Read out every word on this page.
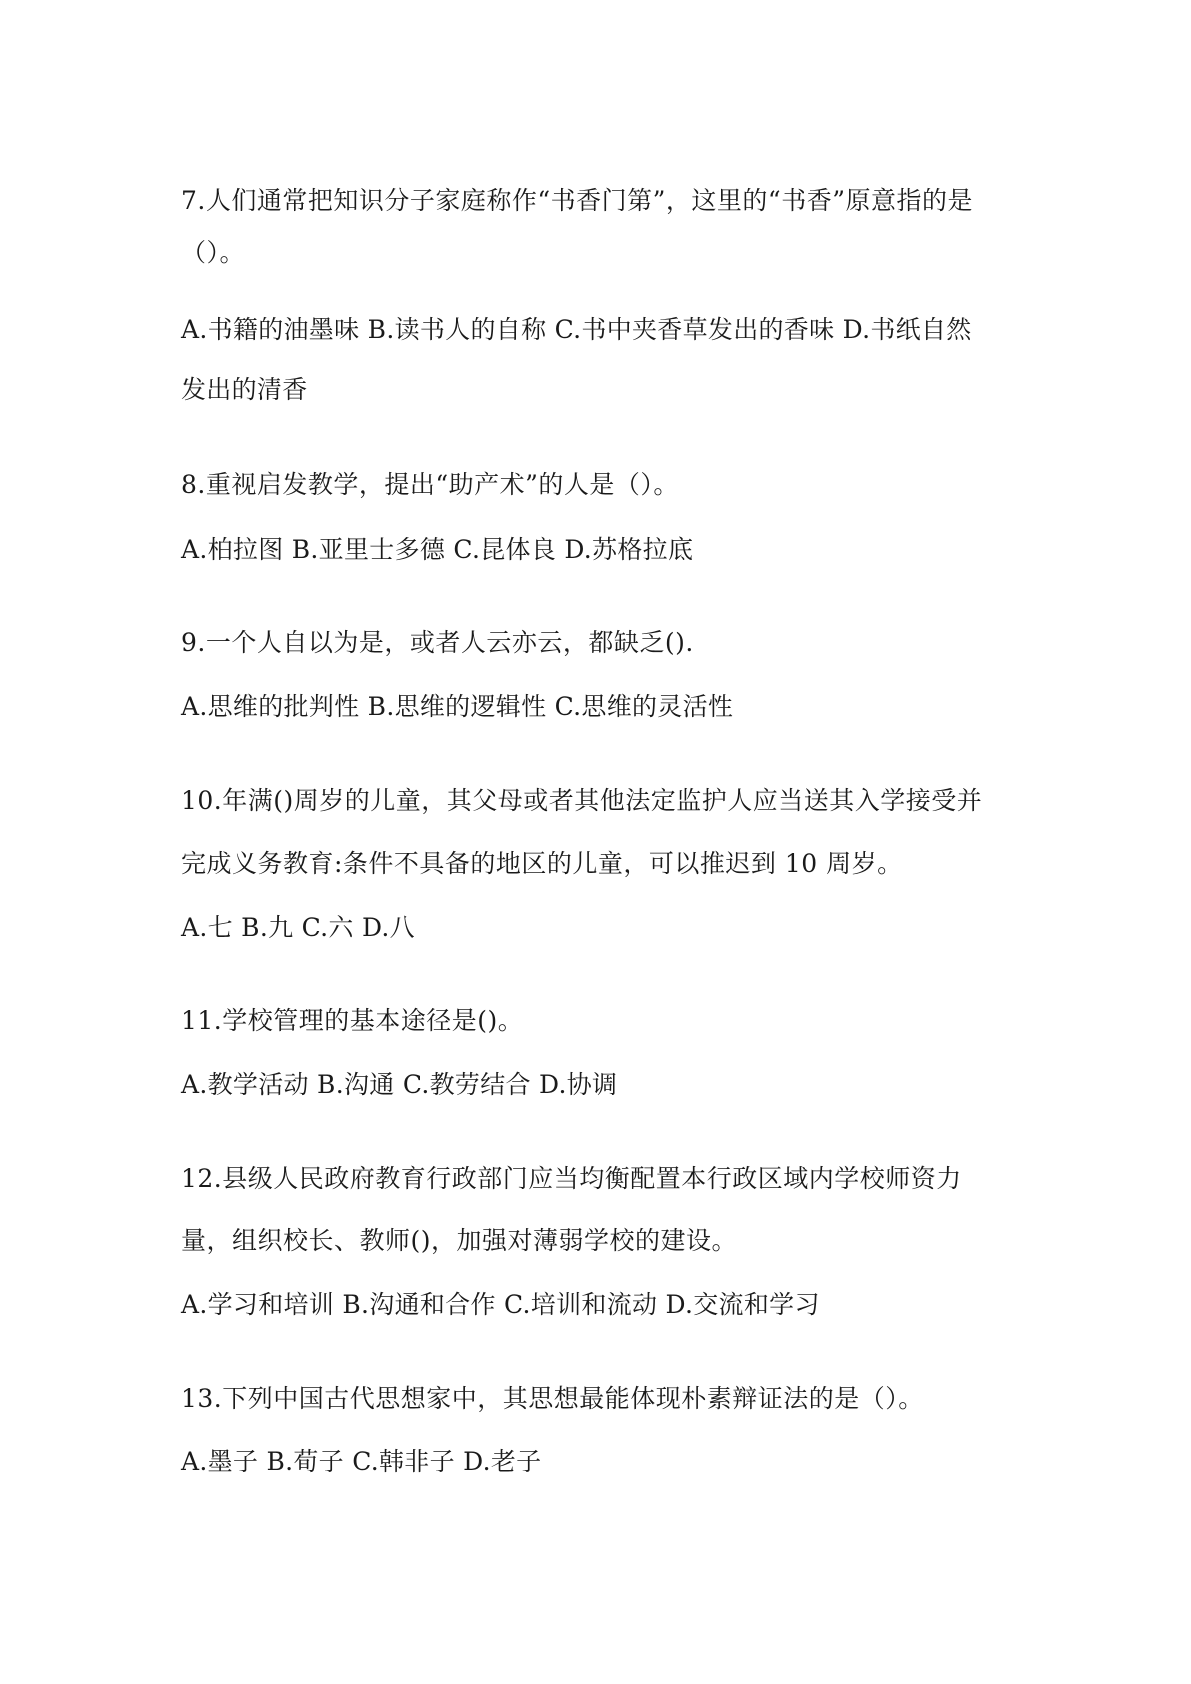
7.人们通常把知识分子家庭称作“书香门第”，这里的“书香”原意指的是
（）。
A.书籍的油墨味 B.读书人的自称 C.书中夹香草发出的香味 D.书纸自然
发出的清香
8.重视启发教学，提出“助产术”的人是（）。
A.柏拉图 B.亚里士多德 C.昆体良 D.苏格拉底
9.一个人自以为是，或者人云亦云，都缺乏().
A.思维的批判性 B.思维的逻辑性 C.思维的灵活性
10.年满()周岁的儿童，其父母或者其他法定监护人应当送其入学接受并
完成义务教育:条件不具备的地区的儿童，可以推迟到 10 周岁。
A.七 B.九 C.六 D.八
11.学校管理的基本途径是()。
A.教学活动 B.沟通 C.教劳结合 D.协调
12.县级人民政府教育行政部门应当均衡配置本行政区域内学校师资力
量，组织校长、教师()，加强对薄弱学校的建设。
A.学习和培训 B.沟通和合作 C.培训和流动 D.交流和学习
13.下列中国古代思想家中，其思想最能体现朴素辩证法的是（）。
A.墨子 B.荀子 C.韩非子 D.老子
